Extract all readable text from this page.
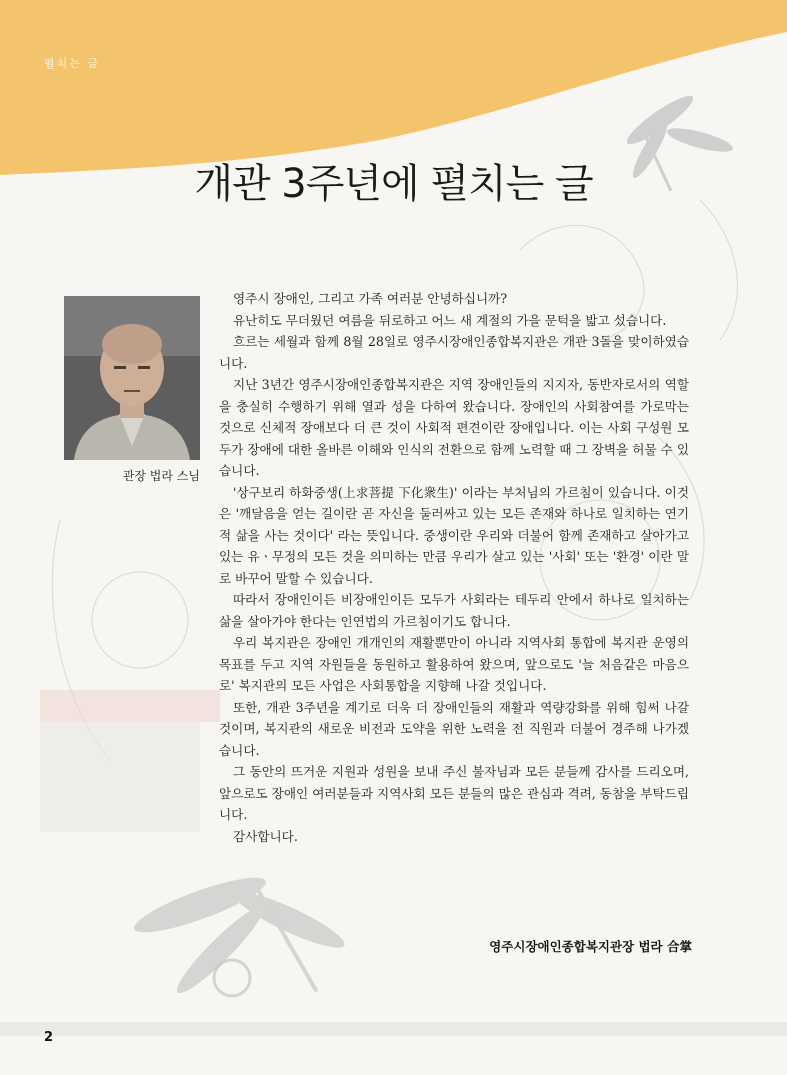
펼치는 글
개관 3주년에 펼치는 글
관장 법라 스님

영주시 장애인, 그리고 가족 여러분 안녕하십니까?

유난히도 무더웠던 여름을 뒤로하고 어느 새 계절의 가을 문턱을 밟고 섰습니다.

흐르는 세월과 함께 8월 28일로 영주시장애인종합복지관은 개관 3돌을 맞이하였습니다.

지난 3년간 영주시장애인종합복지관은 지역 장애인들의 지지자, 동반자로서의 역할을 충실히 수행하기 위해 열과 성을 다하여 왔습니다. 장애인의 사회참여를 가로막는 것으로 신체적 장애보다 더 큰 것이 사회적 편견이란 장애입니다. 이는 사회 구성원 모두가 장애에 대한 올바른 이해와 인식의 전환으로 함께 노력할 때 그 장벽을 허물 수 있습니다.

'상구보리 하화중생(上求菩提 下化衆生)' 이라는 부처님의 가르침이 있습니다. 이것은 '깨달음을 얻는 길이란 곧 자신을 둘러싸고 있는 모든 존재와 하나로 일치하는 연기적 삶을 사는 것이다' 라는 뜻입니다. 중생이란 우리와 더불어 함께 존재하고 살아가고 있는 유ㆍ무정의 모든 것을 의미하는 만큼 우리가 살고 있는 '사회' 또는 '환경' 이란 말로 바꾸어 말할 수 있습니다.

따라서 장애인이든 비장애인이든 모두가 사회라는 테두리 안에서 하나로 일치하는 삶을 살아가야 한다는 인연법의 가르침이기도 합니다.

우리 복지관은 장애인 개개인의 재활뿐만이 아니라 지역사회 통합에 복지관 운영의 목표를 두고 지역 자원들을 동원하고 활용하여 왔으며, 앞으로도 '늘 처음같은 마음으로' 복지관의 모든 사업은 사회통합을 지향해 나갈 것입니다.

또한, 개관 3주년을 계기로 더욱 더 장애인들의 재활과 역량강화를 위해 힘써 나갈 것이며, 복지관의 새로운 비전과 도약을 위한 노력을 전 직원과 더불어 경주해 나가겠습니다.

그 동안의 뜨거운 지원과 성원을 보내 주신 불자님과 모든 분들께 감사를 드리오며, 앞으로도 장애인 여러분들과 지역사회 모든 분들의 많은 관심과 격려, 동참을 부탁드립니다.

감사합니다.

영주시장애인종합복지관장 법라 合掌
2
